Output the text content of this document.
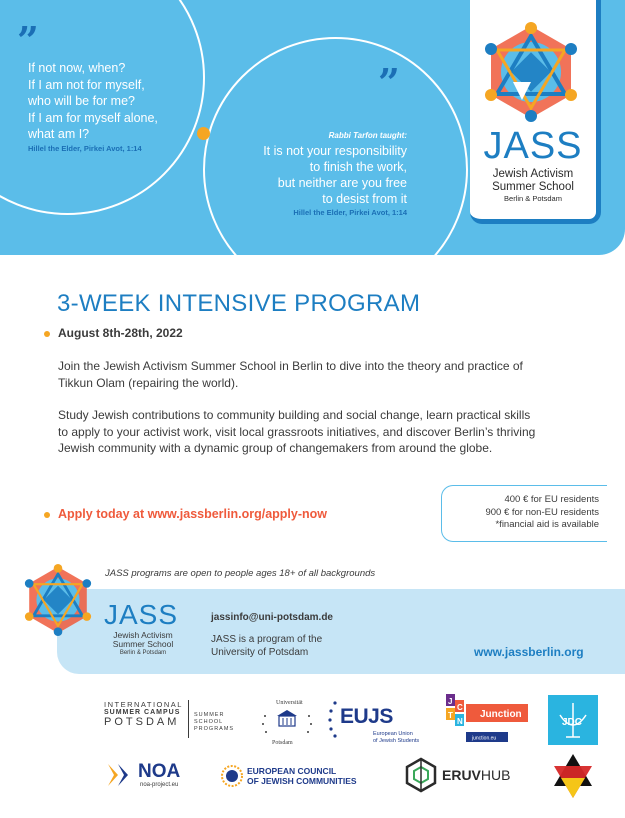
”
If not now, when?
If I am not for myself,
who will be for me?
If I am for myself alone,
what am I?
Hillel the Elder, Pirkei Avot, 1:14
”
Rabbi Tarfon taught:
It is not your responsibility
to finish the work,
but neither are you free
to desist from it
Hillel the Elder, Pirkei Avot, 1:14
JASS
Jewish Activism
Summer School
Berlin & Potsdam
3-WEEK INTENSIVE PROGRAM
August 8th-28th, 2022
Join the Jewish Activism Summer School in Berlin to dive into the theory and practice of Tikkun Olam (repairing the world).
Study Jewish contributions to community building and social change, learn practical skills to apply to your activist work, visit local grassroots initiatives, and discover Berlin’s thriving Jewish community with a dynamic group of changemakers from around the globe.
Apply today at www.jassberlin.org/apply-now
400 € for EU residents
900 € for non-EU residents
*financial aid is available
JASS programs are open to people ages 18+ of all backgrounds
JASS
Jewish Activism
Summer School
Berlin & Potsdam
jassinfo@uni-potsdam.de
JASS is a program of the
University of Potsdam	www.jassberlin.org
INTERNATIONAL
SUMMER CAMPUS
POTSDAM
SUMMER
SCHOOL
PROGRAMS
Universität
Potsdam
EUJS
European Union
of Jewish Students
J
C
T
N
Junction
junction.eu
JDC
NOA
noa-project.eu
EUROPEAN COUNCIL
OF JEWISH COMMUNITIES	ERUVHUB
